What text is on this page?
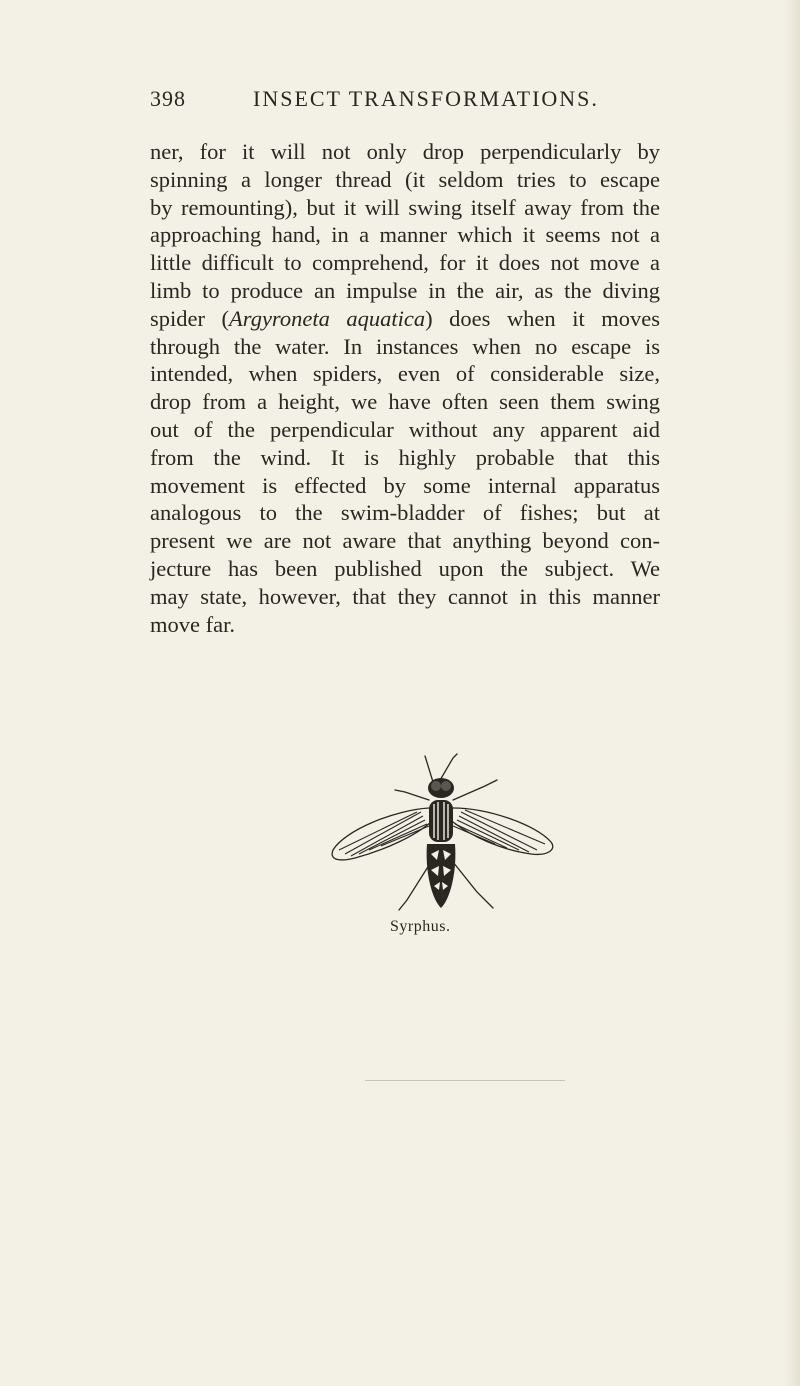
398	INSECT TRANSFORMATIONS.

ner, for it will not only drop perpendicularly by

spinning a longer thread (it seldom tries to escape

by remounting), but it will swing itself away from the

approaching hand, in a manner which it seems not a

little difficult to comprehend, for it does not move a

limb to produce an impulse in the air, as the diving

spider (Argyroneta aquatica) does when it moves

through the water. In instances when no escape is

intended, when spiders, even of considerable size,

drop from a height, we have often seen them swing

out of the perpendicular without any apparent aid

from the wind. It is highly probable that this

movement is effected by some internal apparatus

analogous to the swim-bladder of fishes; but at

present we are not aware that anything beyond con-

jecture has been published upon the subject. We

may state, however, that they cannot in this manner

move far.

Syrphus.
